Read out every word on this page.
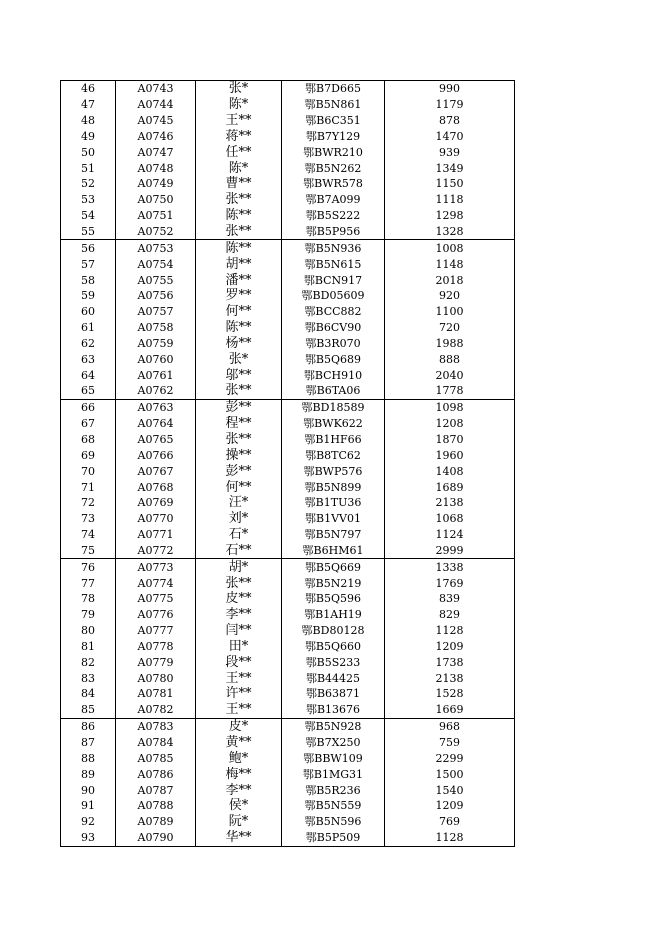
46	A0743	张*	鄂B7D665	990
47	A0744	陈*	鄂B5N861	1179
48	A0745	王**	鄂B6C351	878
49	A0746	蒋**	鄂B7Y129	1470
50	A0747	任**	鄂BWR210	939
51	A0748	陈*	鄂B5N262	1349
52	A0749	曹**	鄂BWR578	1150
53	A0750	张**	鄂B7A099	1118
54	A0751	陈**	鄂B5S222	1298
55	A0752	张**	鄂B5P956	1328
56	A0753	陈**	鄂B5N936	1008
57	A0754	胡**	鄂B5N615	1148
58	A0755	潘**	鄂BCN917	2018
59	A0756	罗**	鄂BD05609	920
60	A0757	何**	鄂BCC882	1100
61	A0758	陈**	鄂B6CV90	720
62	A0759	杨**	鄂B3R070	1988
63	A0760	张*	鄂B5Q689	888
64	A0761	邬**	鄂BCH910	2040
65	A0762	张**	鄂B6TA06	1778
66	A0763	彭**	鄂BD18589	1098
67	A0764	程**	鄂BWK622	1208
68	A0765	张**	鄂B1HF66	1870
69	A0766	操**	鄂B8TC62	1960
70	A0767	彭**	鄂BWP576	1408
71	A0768	何**	鄂B5N899	1689
72	A0769	汪*	鄂B1TU36	2138
73	A0770	刘*	鄂B1VV01	1068
74	A0771	石*	鄂B5N797	1124
75	A0772	石**	鄂B6HM61	2999
76	A0773	胡*	鄂B5Q669	1338
77	A0774	张**	鄂B5N219	1769
78	A0775	皮**	鄂B5Q596	839
79	A0776	李**	鄂B1AH19	829
80	A0777	闫**	鄂BD80128	1128
81	A0778	田*	鄂B5Q660	1209
82	A0779	段**	鄂B5S233	1738
83	A0780	王**	鄂B44425	2138
84	A0781	许**	鄂B63871	1528
85	A0782	王**	鄂B13676	1669
86	A0783	皮*	鄂B5N928	968
87	A0784	黄**	鄂B7X250	759
88	A0785	鲍*	鄂BBW109	2299
89	A0786	梅**	鄂B1MG31	1500
90	A0787	李**	鄂B5R236	1540
91	A0788	侯*	鄂B5N559	1209
92	A0789	阮*	鄂B5N596	769
93	A0790	华**	鄂B5P509	1128
